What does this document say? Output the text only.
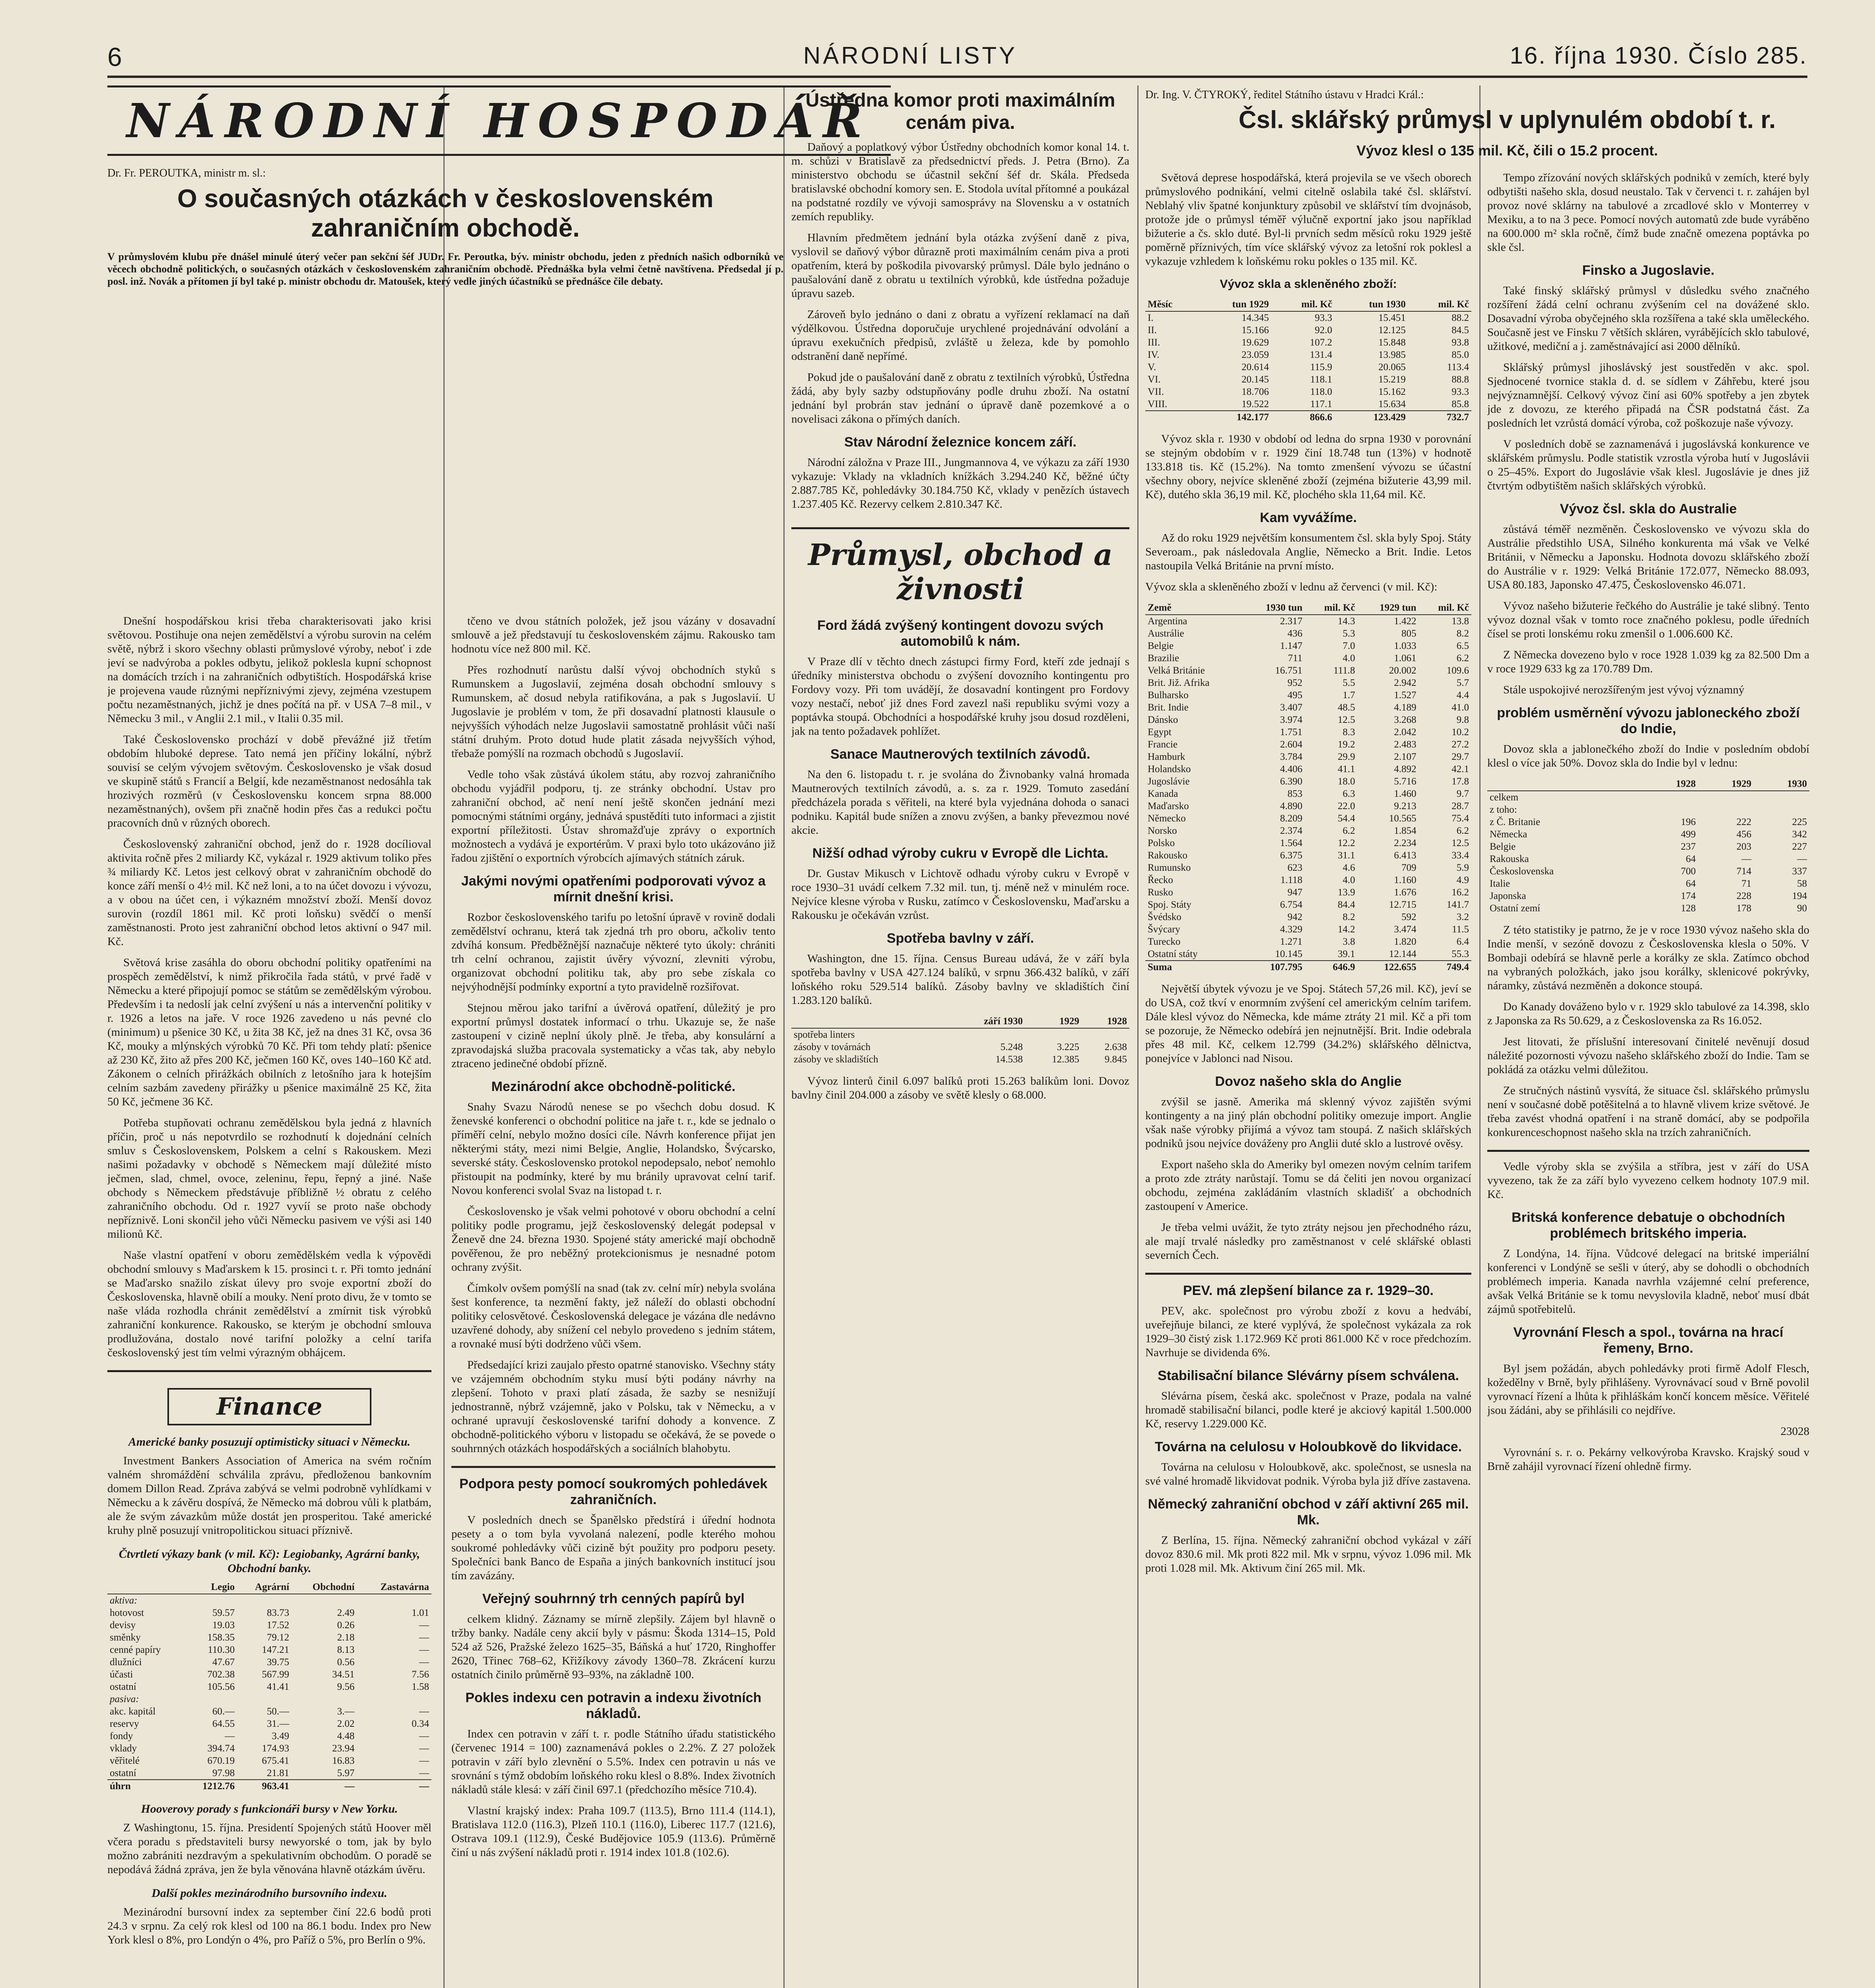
6	NÁRODNÍ LISTY	16. října 1930. Číslo 285.
NÁRODNÍ HOSPODÁŘ
Dr. Fr. PEROUTKA, ministr m. sl.:
O současných otázkách v československém zahraničním obchodě.
V průmyslovém klubu pře dnášel minulé úterý večer pan sekční šéf JUDr. Fr. Peroutka, býv. ministr obchodu, jeden z předních našich odborníků ve věcech obchodně politických, o současných otázkách v československém zahraničním obchodě. Přednáška byla velmi četně navštívena. Předsedal jí p. posl. inž. Novák a přítomen jí byl také p. ministr obchodu dr. Matoušek, který vedle jiných účastníků se přednášce čile debaty.

Dnešní hospodářskou krisi třeba charakterisovati jako krisi světovou. Postihuje ona nejen zemědělství a výrobu surovin na celém světě, nýbrž i skoro všechny oblasti průmyslové výroby, neboť i zde jeví se nadvýroba a pokles odbytu, jelikož poklesla kupní schopnost na domácích trzích i na zahraničních odbytištích. Hospodářská krise je projevena vaude různými nepříznivými zjevy, zejména vzestupem počtu nezaměstnaných, jichž je dnes počítá na př. v USA 7–8 mil., v Německu 3 mil., v Anglii 2.1 mil., v Italii 0.35 mil.

Také Československo prochází v době převážné již třetím obdobím hluboké deprese. Tato nemá jen příčiny lokální, nýbrž souvisí se celým vývojem světovým. Československo je však dosud ve skupině států s Francií a Belgií, kde nezaměstnanost nedosáhla tak hrozivých rozměrů (v Československu koncem srpna 88.000 nezaměstnaných), ovšem při značně hodin přes čas a redukci počtu pracovních dnů v různých oborech.

Československý zahraniční obchod, jenž do r. 1928 docílioval aktivita ročně přes 2 miliardy Kč, vykázal r. 1929 aktivum toliko přes ¾ miliardy Kč. Letos jest celkový obrat v zahraničním obchodě do konce září menší o 4½ mil. Kč než loni, a to na účet dovozu i vývozu, a v obou na účet cen, i výkazném množství zboží. Menší dovoz surovin (rozdíl 1861 mil. Kč proti loňsku) svědčí o menší zaměstnanosti. Proto jest zahraniční obchod letos aktivní o 947 mil. Kč.

Světová krise zasáhla do oboru obchodní politiky opatřeními na prospěch zemědělství, k nimž přikročila řada států, v prvé řadě v Německu a které připojují pomoc se státům se zemědělským výrobou. Především i ta nedoslí jak celní zvýšení u nás a intervenční politiky v r. 1926 a letos na jaře. V roce 1926 zavedeno u nás pevné clo (minimum) u pšenice 30 Kč, u žita 38 Kč, jež na dnes 31 Kč, ovsa 36 Kč, mouky a mlýnských výrobků 70 Kč. Při tom tehdy platí: pšenice až 230 Kč, žito až přes 200 Kč, ječmen 160 Kč, oves 140–160 Kč atd. Zákonem o celních přirážkách obilních z letošního jara k hotejším celním sazbám zavedeny přirážky u pšenice maximálně 25 Kč, žita 50 Kč, ječmene 36 Kč.

Potřeba stupňovati ochranu zemědělskou byla jedná z hlavních příčin, proč u nás nepotvrdilo se rozhodnutí k dojednání celních smluv s Československem, Polskem a celní s Rakouskem. Mezi našimi požadavky v obchodě s Německem mají důležité místo ječmen, slad, chmel, ovoce, zeleninu, řepu, řepný a jiné. Naše obchody s Německem předstávuje příbližně ½ obratu z celého zahraničního obchodu. Od r. 1927 vyvíí se proto naše obchody nepříznivě. Loni skončil jeho vůči Německu pasivem ve výši asi 140 milionů Kč.

Naše vlastní opatření v oboru zemědělském vedla k výpovědi obchodní smlouvy s Maďarskem k 15. prosinci t. r. Při tomto jednání se Maďarsko snažilo získat úlevy pro svoje exportní zboží do Československa, hlavně obilí a mouky. Není proto divu, že v tomto se naše vláda rozhodla chránit zemědělství a zmírnit tisk výrobků zahraniční konkurence. Rakousko, se kterým je obchodní smlouva prodlužována, dostalo nové tarifní položky a celní tarifa československý jest tím velmi výrazným obhájcem.

Finance
Americké banky posuzují optimisticky situaci v Německu.

Investment Bankers Association of America na svém ročním valném shromáždění schválila zprávu, předloženou bankovním domem Dillon Read. Zpráva zabývá se velmi podrobně vyhlídkami v Německu a k závěru dospívá, že Německo má dobrou vůli k platbám, ale že svým závazkům může dostát jen prosperitou. Také americké kruhy plně posuzují vnitropolitickou situaci příznivě.

Čtvrtletí výkazy bank (v mil. Kč): Legiobanky, Agrární banky, Obchodní banky.
	Legio	Agrární	Obchodní	Zastavárna
aktiva:				
hotovost	59.57	83.73	2.49	1.01
devisy	19.03	17.52	0.26	—
směnky	158.35	79.12	2.18	—
cenné papíry	110.30	147.21	8.13	—
dlužníci	47.67	39.75	0.56	—
účasti	702.38	567.99	34.51	7.56
ostatní	105.56	41.41	9.56	1.58
pasiva:				
akc. kapitál	60.—	50.—	3.—	—
reservy	64.55	31.—	2.02	0.34
fondy	—	3.49	4.48	—
vklady	394.74	174.93	23.94	—
věřitelé	670.19	675.41	16.83	—
ostatní	97.98	21.81	5.97	—
úhrn	1212.76	963.41	—	—
Hooverovy porady s funkcionáři bursy v New Yorku.

Z Washingtonu, 15. října. Presidentí Spojených států Hoover měl včera poradu s představiteli bursy newyorské o tom, jak by bylo možno zabrániti nezdravým a spekulativním obchodům. O poradě se nepodává žádná zpráva, jen že byla věnována hlavně otázkám úvěru.

Další pokles mezinárodního bursovního indexu.

Mezinárodní bursovní index za september činí 22.6 bodů proti 24.3 v srpnu. Za celý rok klesl od 100 na 86.1 bodu. Index pro New York klesl o 8%, pro Londýn o 4%, pro Paříž o 5%, pro Berlín o 9%.

tčeno ve dvou státních položek, jež jsou vázány v dosavadní smlouvě a jež představují tu československém zájmu. Rakousko tam hodnotu více než 800 mil. Kč.

Přes rozhodnutí narůstu další vývoj obchodních styků s Rumunskem a Jugoslavií, zejména dosah obchodní smlouvy s Rumunskem, ač dosud nebyla ratifikována, a pak s Jugoslavií. U Jugoslavie je problém v tom, že při dosavadní platnosti klausule o nejvyšších výhodách nelze Jugoslavii samostatně prohlásit vůči naší státní druhým. Proto dotud hude platit zásada nejvyšších výhod, třebaže pomýšlí na rozmach obchodů s Jugoslavií.

Vedle toho však zůstává úkolem státu, aby rozvoj zahraničního obchodu vyjádřil podporu, tj. ze stránky obchodní. Ustav pro zahraniční obchod, ač není není ještě skončen jednání mezi pomocnými státními orgány, jednává spustědíti tuto informaci a zjistit exportní příležitosti. Ústav shromažďuje zprávy o exportních možnostech a vydává je exportérům. V praxi bylo toto ukázováno již řadou zjištění o exportních výrobcích ajímavých státních záruk.

Jakými novými opatřeními podporovati vývoz a mírnit dnešní krisi.

Rozbor československého tarifu po letošní úpravě v rovině dodali zemědělství ochranu, která tak zjedná trh pro oboru, ačkoliv tento zdvíhá konsum. Předběžnější naznačuje některé tyto úkoly: chrániti trh celní ochranou, zajistit úvěry vývozní, zlevniti výrobu, organizovat obchodní politiku tak, aby pro sebe získala co nejvýhodnější podmínky exportní a tyto pravidelně rozšiřovat.

Stejnou měrou jako tarifní a úvěrová opatření, důležitý je pro exportní průmysl dostatek informací o trhu. Ukazuje se, že naše zastoupení v cizině neplní úkoly plně. Je třeba, aby konsulární a zpravodajská služba pracovala systematicky a včas tak, aby nebylo ztraceno jedinečné období přízně.

Mezinárodní akce obchodně-politické.

Snahy Svazu Národů nenese se po všechch dobu dosud. K ženevské konferenci o obchodní politice na jaře t. r., kde se jednalo o příměří celní, nebylo možno dosíci cíle. Návrh konference přijat jen některými státy, mezi nimi Belgie, Anglie, Holandsko, Švýcarsko, severské státy. Československo protokol nepodepsalo, neboť nemohlo přistoupit na podmínky, které by mu bránily upravovat celní tarif. Novou konferenci svolal Svaz na listopad t. r.

Československo je však velmi pohotové v oboru obchodní a celní politiky podle programu, jejž československý delegát podepsal v Ženevě dne 24. března 1930. Spojené státy americké mají obchodně pověřenou, že pro neběžný protekcionismus je nesnadné potom ochrany zvýšit.

Čímkolv ovšem pomýšlí na snad (tak zv. celní mír) nebyla svolána šest konference, ta nezmění fakty, jež náleží do oblasti obchodní politiky celosvětové. Československá delegace je vázána dle nedávno uzavřené dohody, aby snížení cel nebylo provedeno s jedním státem, a rovnaké musí býti dodrženo vůči všem.

Předsedající krizi zaujalo přesto opatrné stanovisko. Všechny státy ve vzájemném obchodním styku musí býti podány návrhy na zlepšení. Tohoto v praxi platí zásada, že sazby se nesnižují jednostranně, nýbrž vzájemně, jako v Polsku, tak v Německu, a v ochrané upravují československé tarifní dohody a konvence. Z obchodně-politického výboru v listopadu se očekává, že se povede o souhrnných otázkách hospodářských a sociálních blahobytu.

Podpora pesty pomocí soukromých pohledávek zahraničních.

V posledních dnech se Španělsko předstírá i úřední hodnota pesety a o tom byla vyvolaná nalezení, podle kterého mohou soukromé pohledávky vůči cizině být použity pro podporu pesety. Společníci bank Banco de España a jiných bankovních institucí jsou tím zavázány.

Veřejný souhrnný trh cenných papírů byl

celkem klidný. Záznamy se mírně zlepšily. Zájem byl hlavně o tržby banky. Nadále ceny akcií byly v pásmu: Škoda 1314–15, Pold 524 až 526, Pražské železo 1625–35, Báňská a huť 1720, Ringhoffer 2620, Třinec 768–62, Křižíkovy závody 1360–78. Zkrácení kurzu ostatních činilo průměrně 93–93%, na základně 100.

Pokles indexu cen potravin a indexu životních nákladů.

Index cen potravin v září t. r. podle Státního úřadu statistického (červenec 1914 = 100) zaznamenává pokles o 2.2%. Z 27 položek potravin v září bylo zlevnění o 5.5%. Index cen potravin u nás ve srovnání s týmž obdobím loňského roku klesl o 8.8%. Index životních nákladů stále klesá: v září činil 697.1 (předchozího měsíce 710.4).

Vlastní krajský index: Praha 109.7 (113.5), Brno 111.4 (114.1), Bratislava 112.0 (116.3), Plzeň 110.1 (116.0), Liberec 117.7 (121.6), Ostrava 109.1 (112.9), České Budějovice 105.9 (113.6). Průměrně činí u nás zvýšení nákladů proti r. 1914 index 101.8 (102.6).

Ústředna komor proti maximálním cenám piva.

Daňový a poplatkový výbor Ústředny obchodních komor konal 14. t. m. schůzi v Bratislavě za předsednictví předs. J. Petra (Brno). Za ministerstvo obchodu se účastnil sekční šéf dr. Skála. Předseda bratislavské obchodní komory sen. E. Stodola uvítal přítomné a poukázal na podstatné rozdíly ve vývoji samosprávy na Slovensku a v ostatních zemích republiky.

Hlavním předmětem jednání byla otázka zvýšení daně z piva, vyslovil se daňový výbor důrazně proti maximálním cenám piva a proti opatřením, která by poškodila pivovarský průmysl. Dále bylo jednáno o paušalování daně z obratu u textilních výrobků, kde ústředna požaduje úpravu sazeb.

Zároveň bylo jednáno o dani z obratu a vyřízení reklamací na daň výdělkovou. Ústředna doporučuje urychlené projednávání odvolání a úpravu exekučních předpisů, zvláště u železa, kde by pomohlo odstranění daně nepřímé.

Pokud jde o paušalování daně z obratu z textilních výrobků, Ústředna žádá, aby byly sazby odstupňovány podle druhu zboží. Na ostatní jednání byl probrán stav jednání o úpravě daně pozemkové a o novelisaci zákona o přímých daních.

Stav Národní železnice koncem září.

Národní záložna v Praze III., Jungmannova 4, ve výkazu za září 1930 vykazuje: Vklady na vkladních knížkách 3.294.240 Kč, běžné účty 2.887.785 Kč, pohledávky 30.184.750 Kč, vklady v penězích ústavech 1.237.405 Kč. Rezervy celkem 2.810.347 Kč.

Průmysl, obchod a živnosti
Ford žádá zvýšený kontingent dovozu svých automobilů k nám.

V Praze dlí v těchto dnech zástupci firmy Ford, kteří zde jednají s úředníky ministerstva obchodu o zvýšení dovozního kontingentu pro Fordovy vozy. Při tom uvádějí, že dosavadní kontingent pro Fordovy vozy nestačí, neboť již dnes Ford zavezl naši republiku svými vozy a poptávka stoupá. Obchodníci a hospodářské kruhy jsou dosud rozděleni, jak na tento požadavek pohlížet.

Sanace Mautnerových textilních závodů.

Na den 6. listopadu t. r. je svolána do Živnobanky valná hromada Mautnerových textilních závodů, a. s. za r. 1929. Tomuto zasedání předcházela porada s věřiteli, na které byla vyjednána dohoda o sanaci podniku. Kapitál bude snížen a znovu zvýšen, a banky převezmou nové akcie.

Nižší odhad výroby cukru v Evropě dle Lichta.

Dr. Gustav Mikusch v Lichtově odhadu výroby cukru v Evropě v roce 1930–31 uvádí celkem 7.32 mil. tun, tj. méně než v minulém roce. Nejvíce klesne výroba v Rusku, zatímco v Československu, Maďarsku a Rakousku je očekáván vzrůst.

Spotřeba bavlny v září.

Washington, dne 15. října. Census Bureau udává, že v září byla spotřeba bavlny v USA 427.124 balíků, v srpnu 366.432 balíků, v září loňského roku 529.514 balíků. Zásoby bavlny ve skladištích činí 1.283.120 balíků.

	září 1930	1929	1928
spotřeba linters			
zásoby v továrnách	5.248	3.225	2.638
zásoby ve skladištích	14.538	12.385	9.845

Vývoz linterů činil 6.097 balíků proti 15.263 balíkům loni. Dovoz bavlny činil 204.000 a zásoby ve světě klesly o 68.000.

Dr. Ing. V. ČTYROKÝ, ředitel Státního ústavu v Hradci Král.:
Čsl. sklářský průmysl v uplynulém období t. r.
Vývoz klesl o 135 mil. Kč, čili o 15.2 procent.

Světová deprese hospodářská, která projevila se ve všech oborech průmyslového podnikání, velmi citelně oslabila také čsl. sklářství. Neblahý vliv špatné konjunktury způsobil ve sklářství tím dvojnásob, protože jde o průmysl téměř výlučně exportní jako jsou například bižuterie a čs. sklo duté. Byl-li prvních sedm měsíců roku 1929 ještě poměrně příznivých, tím více sklářský vývoz za letošní rok poklesl a vykazuje vzhledem k loňskému roku pokles o 135 mil. Kč.

Vývoz skla a skleněného zboží:
Měsíc	tun 1929	mil. Kč	tun 1930	mil. Kč
I.	14.345	93.3	15.451	88.2
II.	15.166	92.0	12.125	84.5
III.	19.629	107.2	15.848	93.8
IV.	23.059	131.4	13.985	85.0
V.	20.614	115.9	20.065	113.4
VI.	20.145	118.1	15.219	88.8
VII.	18.706	118.0	15.162	93.3
VIII.	19.522	117.1	15.634	85.8
	142.177	866.6	123.429	732.7

Vývoz skla r. 1930 v období od ledna do srpna 1930 v porovnání se stejným obdobím v r. 1929 činí 18.748 tun (13%) v hodnotě 133.818 tis. Kč (15.2%). Na tomto zmenšení vývozu se účastní všechny obory, nejvíce skleněné zboží (zejména bižuterie 43,99 mil. Kč), dutého skla 36,19 mil. Kč, plochého skla 11,64 mil. Kč.

Kam vyvážíme.

Až do roku 1929 největším konsumentem čsl. skla byly Spoj. Státy Severoam., pak následovala Anglie, Německo a Brit. Indie. Letos nastoupila Velká Británie na první místo.

Vývoz skla a skleněného zboží v lednu až červenci (v mil. Kč):

Země	1930 tun	mil. Kč	1929 tun	mil. Kč
Argentina	2.317	14.3	1.422	13.8
Austrálie	436	5.3	805	8.2
Belgie	1.147	7.0	1.033	6.5
Brazilie	711	4.0	1.061	6.2
Velká Británie	16.751	111.8	20.002	109.6
Brit. Již. Afrika	952	5.5	2.942	5.7
Bulharsko	495	1.7	1.527	4.4
Brit. Indie	3.407	48.5	4.189	41.0
Dánsko	3.974	12.5	3.268	9.8
Egypt	1.751	8.3	2.042	10.2
Francie	2.604	19.2	2.483	27.2
Hamburk	3.784	29.9	2.107	29.7
Holandsko	4.406	41.1	4.892	42.1
Jugoslávie	6.390	18.0	5.716	17.8
Kanada	853	6.3	1.460	9.7
Maďarsko	4.890	22.0	9.213	28.7
Německo	8.209	54.4	10.565	75.4
Norsko	2.374	6.2	1.854	6.2
Polsko	1.564	12.2	2.234	12.5
Rakousko	6.375	31.1	6.413	33.4
Rumunsko	623	4.6	709	5.9
Řecko	1.118	4.0	1.160	4.9
Rusko	947	13.9	1.676	16.2
Spoj. Státy	6.754	84.4	12.715	141.7
Švédsko	942	8.2	592	3.2
Švýcary	4.329	14.2	3.474	11.5
Turecko	1.271	3.8	1.820	6.4
Ostatní státy	10.145	39.1	12.144	55.3
Suma	107.795	646.9	122.655	749.4

Největší úbytek vývozu je ve Spoj. Státech 57,26 mil. Kč), jeví se do USA, což tkví v enormním zvýšení cel americkým celním tarifem. Dále klesl vývoz do Německa, kde máme ztráty 21 mil. Kč a při tom se pozoruje, že Německo odebírá jen nejnutnější. Brit. Indie odebrala přes 48 mil. Kč, celkem 12.799 (34.2%) sklářského dělnictva, ponejvíce v Jablonci nad Nisou.

Dovoz našeho skla do Anglie

zvýšil se jasně. Amerika má sklenný vývoz zajištěn svými kontingenty a na jiný plán obchodní politiky omezuje import. Anglie však naše výrobky přijímá a vývoz tam stoupá. Z našich sklářských podniků jsou nejvíce dováženy pro Anglii duté sklo a lustrové ověsy.

Export našeho skla do Ameriky byl omezen novým celním tarifem a proto zde ztráty narůstají. Tomu se dá čeliti jen novou organizací obchodu, zejména zakládáním vlastních skladišť a obchodních zastoupení v Americe.

Je třeba velmi uvážit, že tyto ztráty nejsou jen přechodného rázu, ale mají trvalé následky pro zaměstnanost v celé sklářské oblasti severních Čech.

PEV. má zlepšení bilance za r. 1929–30.

PEV, akc. společnost pro výrobu zboží z kovu a hedvábí, uveřejňuje bilanci, ze které vyplývá, že společnost vykázala za rok 1929–30 čistý zisk 1.172.969 Kč proti 861.000 Kč v roce předchozím. Navrhuje se dividenda 6%.

Stabilisační bilance Slévárny písem schválena.

Slévárna písem, česká akc. společnost v Praze, podala na valné hromadě stabilisační bilanci, podle které je akciový kapitál 1.500.000 Kč, reservy 1.229.000 Kč.

Továrna na celulosu v Holoubkově do likvidace.

Továrna na celulosu v Holoubkově, akc. společnost, se usnesla na své valné hromadě likvidovat podnik. Výroba byla již dříve zastavena.

Německý zahraniční obchod v září aktivní 265 mil. Mk.

Z Berlína, 15. října. Německý zahraniční obchod vykázal v září dovoz 830.6 mil. Mk proti 822 mil. Mk v srpnu, vývoz 1.096 mil. Mk proti 1.028 mil. Mk. Aktivum činí 265 mil. Mk.

Tempo zřízování nových sklářských podniků v zemích, které byly odbytišti našeho skla, dosud neustalo. Tak v červenci t. r. zahájen byl provoz nové sklárny na tabulové a zrcadlové sklo v Monterrey v Mexiku, a to na 3 pece. Pomocí nových automatů zde bude vyráběno na 600.000 m² skla ročně, čímž bude značně omezena poptávka po skle čsl.

Finsko a Jugoslavie.

Také finský sklářský průmysl v důsledku svého značného rozšíření žádá celní ochranu zvýšením cel na dovážené sklo. Dosavadní výroba obyčejného skla rozšířena a také skla uměleckého. Současně jest ve Finsku 7 větších skláren, vyrábějících sklo tabulové, užitkové, mediční a j. zaměstnávající asi 2000 dělníků.

Sklářský průmysl jihoslávský jest soustředěn v akc. spol. Sjednocené tvornice stakla d. d. se sídlem v Záhřebu, které jsou nejvýznamnější. Celkový vývoz činí asi 60% spotřeby a jen zbytek jde z dovozu, ze kterého připadá na ČSR podstatná část. Za posledních let vzrůstá domácí výroba, což poškozuje naše vývozy.

V posledních době se zaznamenává i jugoslávská konkurence ve sklářském průmyslu. Podle statistik vzrostla výroba hutí v Jugoslávii o 25–45%. Export do Jugoslávie však klesl. Jugoslávie je dnes již čtvrtým odbytištěm našich sklářských výrobků.

Vývoz čsl. skla do Australie

zůstává téměř nezměněn. Československo ve vývozu skla do Austrálie předstihlo USA, Silného konkurenta má však ve Velké Británii, v Německu a Japonsku. Hodnota dovozu sklářského zboží do Austrálie v r. 1929: Velká Británie 172.077, Německo 88.093, USA 80.183, Japonsko 47.475, Československo 46.071.

Vývoz našeho bižuterie řečkého do Austrálie je také slibný. Tento vývoz doznal však v tomto roce značného poklesu, podle úředních čísel se proti lonskému roku zmenšil o 1.006.600 Kč.

Z Německa dovezeno bylo v roce 1928 1.039 kg za 82.500 Dm a v roce 1929 633 kg za 170.789 Dm.

Stále uspokojivé nerozšířeným jest vývoj významný

problém usměrnění vývozu jabloneckého zboží do Indie,

Dovoz skla a jablonečkého zboží do Indie v posledním období klesl o více jak 50%. Dovoz skla do Indie byl v lednu:

	1928	1929	1930
celkem			
z toho:			
z Č. Britanie	196	222	225
Německa	499	456	342
Belgie	237	203	227
Rakouska	64	—	—
Československa	700	714	337
Italie	64	71	58
Japonska	174	228	194
Ostatní zemí	128	178	90

Z této statistiky je patrno, že je v roce 1930 vývoz našeho skla do Indie menší, v sezóně dovozu z Československa klesla o 50%. V Bombaji odebírá se hlavně perle a korálky ze skla. Zatímco obchod na vybraných položkách, jako jsou korálky, sklenicové pokrývky, náramky, zůstává nezměněn a dokonce stoupá.

Do Kanady dováženo bylo v r. 1929 sklo tabulové za 14.398, sklo z Japonska za Rs 50.629, a z Československa za Rs 16.052.

Jest litovati, že příslušní interesovaní činitelé nevěnují dosud náležité pozornosti vývozu našeho sklářského zboží do Indie. Tam se pokládá za otázku velmi důležitou.

Ze stručných nástinů vysvítá, že situace čsl. sklářského průmyslu není v současné době potěšitelná a to hlavně vlivem krize světové. Je třeba zavést vhodná opatření i na straně domácí, aby se podpořila konkurenceschopnost našeho skla na trzích zahraničních.

Vedle výroby skla se zvýšila a stříbra, jest v září do USA vyvezeno, tak že za září bylo vyvezeno celkem hodnoty 107.9 mil. Kč.

Britská konference debatuje o obchodních problémech britského imperia.

Z Londýna, 14. října. Vůdcové delegací na britské imperiální konferenci v Londýně se sešli v úterý, aby se dohodli o obchodních problémech imperia. Kanada navrhla vzájemné celní preference, avšak Velká Británie se k tomu nevyslovila kladně, neboť musí dbát zájmů spotřebitelů.

Vyrovnání Flesch a spol., továrna na hrací řemeny, Brno.

Byl jsem požádán, abych pohledávky proti firmě Adolf Flesch, kožedělny v Brně, byly přihlášeny. Vyrovnávací soud v Brně povolil vyrovnací řízení a lhůta k přihláškám končí koncem měsíce. Věřitelé jsou žádáni, aby se přihlásili co nejdříve.

23028

Vyrovnání s. r. o. Pekárny velkovýroba Kravsko. Krajský soud v Brně zahájil vyrovnací řízení ohledně firmy.
